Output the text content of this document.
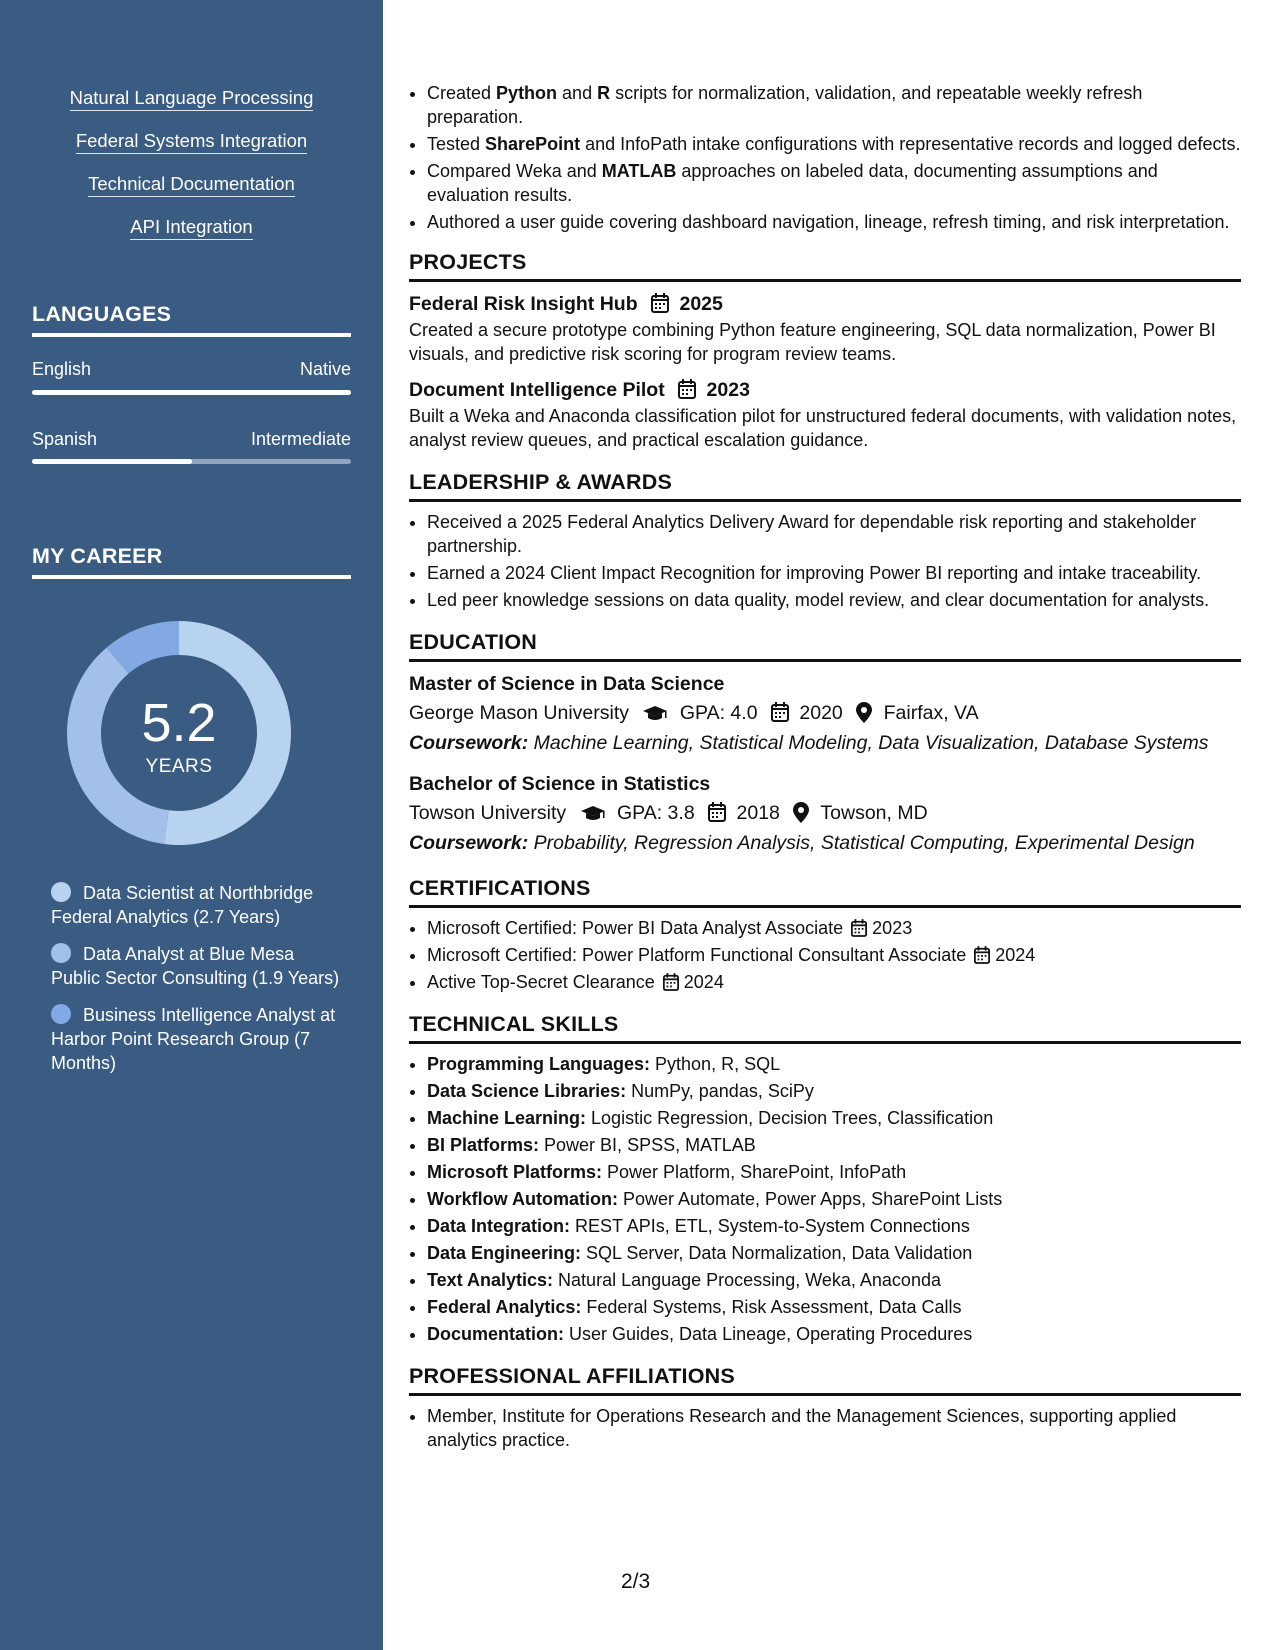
Natural Language Processing
Federal Systems Integration
Technical Documentation
API Integration
LANGUAGES
English	Native
Spanish	Intermediate
MY CAREER
5.2
YEARS
Data Scientist at Northbridge Federal Analytics (2.7 Years)
Data Analyst at Blue Mesa Public Sector Consulting (1.9 Years)
Business Intelligence Analyst at Harbor Point Research Group (7 Months)
• Created Python and R scripts for normalization, validation, and repeatable weekly refresh preparation.
• Tested SharePoint and InfoPath intake configurations with representative records and logged defects.
• Compared Weka and MATLAB approaches on labeled data, documenting assumptions and evaluation results.
• Authored a user guide covering dashboard navigation, lineage, refresh timing, and risk interpretation.
PROJECTS
Federal Risk Insight Hub 2025
Created a secure prototype combining Python feature engineering, SQL data normalization, Power BI visuals, and predictive risk scoring for program review teams.
Document Intelligence Pilot 2023
Built a Weka and Anaconda classification pilot for unstructured federal documents, with validation notes, analyst review queues, and practical escalation guidance.
LEADERSHIP & AWARDS
• Received a 2025 Federal Analytics Delivery Award for dependable risk reporting and stakeholder partnership.
• Earned a 2024 Client Impact Recognition for improving Power BI reporting and intake traceability.
• Led peer knowledge sessions on data quality, model review, and clear documentation for analysts.
EDUCATION
Master of Science in Data Science
George Mason University	GPA: 4.0 2020 Fairfax, VA
Coursework: Machine Learning, Statistical Modeling, Data Visualization, Database Systems
Bachelor of Science in Statistics
Towson University	GPA: 3.8 2018 Towson, MD
Coursework: Probability, Regression Analysis, Statistical Computing, Experimental Design
CERTIFICATIONS
• Microsoft Certified: Power BI Data Analyst Associate 2023
• Microsoft Certified: Power Platform Functional Consultant Associate 2024
• Active Top-Secret Clearance 2024
TECHNICAL SKILLS
• Programming Languages: Python, R, SQL
• Data Science Libraries: NumPy, pandas, SciPy
• Machine Learning: Logistic Regression, Decision Trees, Classification
• BI Platforms: Power BI, SPSS, MATLAB
• Microsoft Platforms: Power Platform, SharePoint, InfoPath
• Workflow Automation: Power Automate, Power Apps, SharePoint Lists
• Data Integration: REST APIs, ETL, System-to-System Connections
• Data Engineering: SQL Server, Data Normalization, Data Validation
• Text Analytics: Natural Language Processing, Weka, Anaconda
• Federal Analytics: Federal Systems, Risk Assessment, Data Calls
• Documentation: User Guides, Data Lineage, Operating Procedures
PROFESSIONAL AFFILIATIONS
• Member, Institute for Operations Research and the Management Sciences, supporting applied analytics practice.
2/3
